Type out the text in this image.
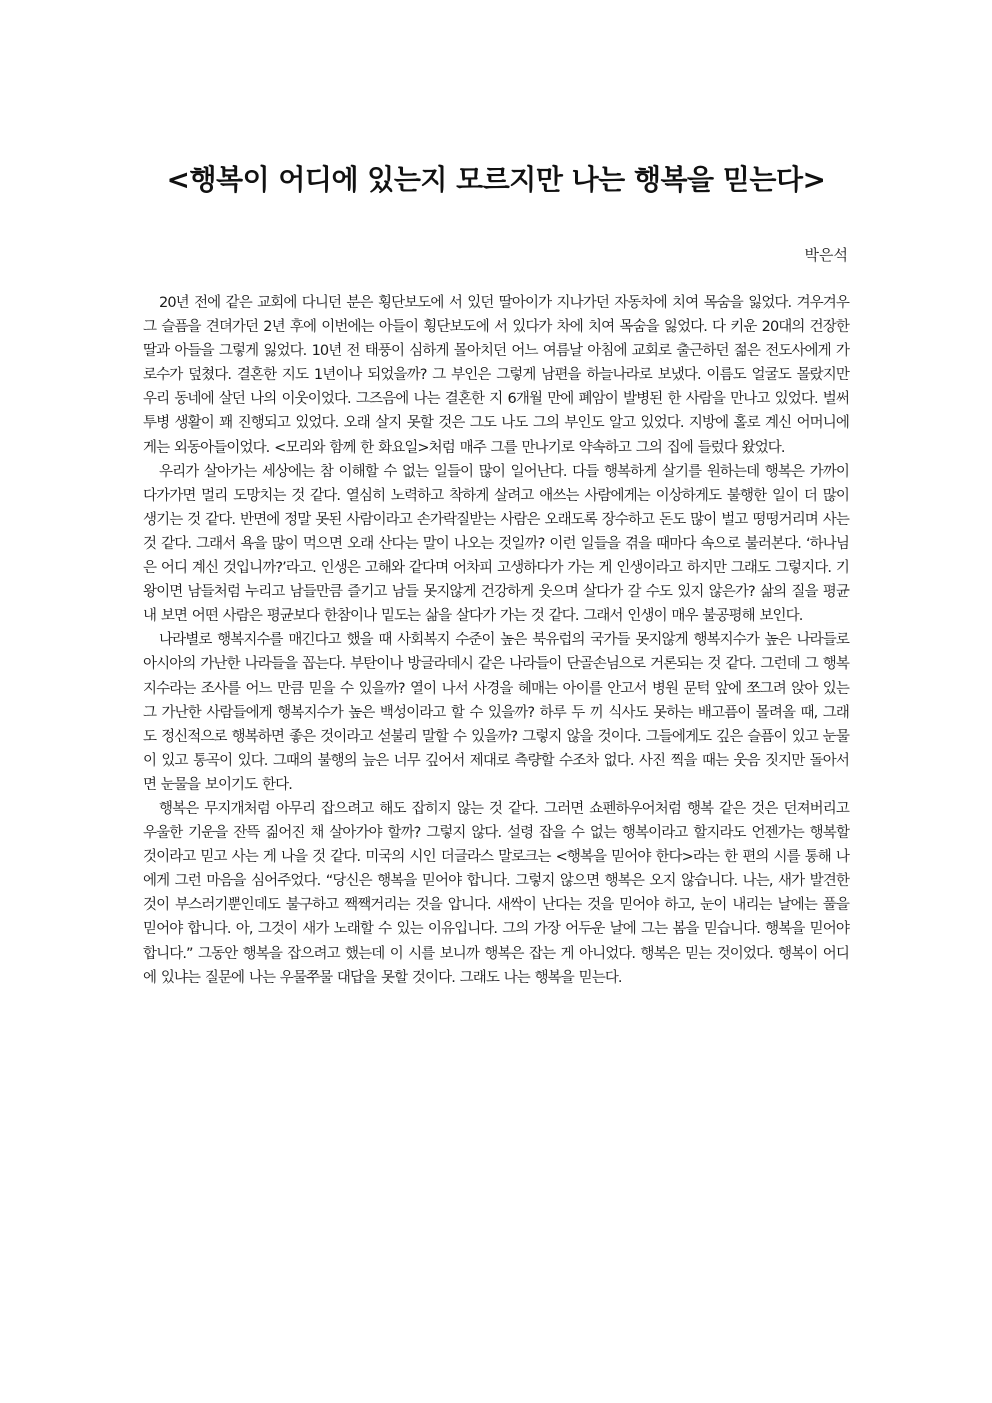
<행복이 어디에 있는지 모르지만 나는 행복을 믿는다>
박은석

20년 전에 같은 교회에 다니던 분은 횡단보도에 서 있던 딸아이가 지나가던 자동차에 치여 목숨을 잃었다. 겨우겨우 그 슬픔을 견뎌가던 2년 후에 이번에는 아들이 횡단보도에 서 있다가 차에 치여 목숨을 잃었다. 다 키운 20대의 건장한 딸과 아들을 그렇게 잃었다. 10년 전 태풍이 심하게 몰아치던 어느 여름날 아침에 교회로 출근하던 젊은 전도사에게 가로수가 덮쳤다. 결혼한 지도 1년이나 되었을까? 그 부인은 그렇게 남편을 하늘나라로 보냈다. 이름도 얼굴도 몰랐지만 우리 동네에 살던 나의 이웃이었다. 그즈음에 나는 결혼한 지 6개월 만에 폐암이 발병된 한 사람을 만나고 있었다. 벌써 투병 생활이 꽤 진행되고 있었다. 오래 살지 못할 것은 그도 나도 그의 부인도 알고 있었다. 지방에 홀로 계신 어머니에게는 외동아들이었다. <모리와 함께 한 화요일>처럼 매주 그를 만나기로 약속하고 그의 집에 들렀다 왔었다.

우리가 살아가는 세상에는 참 이해할 수 없는 일들이 많이 일어난다. 다들 행복하게 살기를 원하는데 행복은 가까이 다가가면 멀리 도망치는 것 같다. 열심히 노력하고 착하게 살려고 애쓰는 사람에게는 이상하게도 불행한 일이 더 많이 생기는 것 같다. 반면에 정말 못된 사람이라고 손가락질받는 사람은 오래도록 장수하고 돈도 많이 벌고 떵떵거리며 사는 것 같다. 그래서 욕을 많이 먹으면 오래 산다는 말이 나오는 것일까? 이런 일들을 겪을 때마다 속으로 불러본다. ‘하나님은 어디 계신 것입니까?’라고. 인생은 고해와 같다며 어차피 고생하다가 가는 게 인생이라고 하지만 그래도 그렇지다. 기왕이면 남들처럼 누리고 남들만큼 즐기고 남들 못지않게 건강하게 웃으며 살다가 갈 수도 있지 않은가? 삶의 질을 평균 내 보면 어떤 사람은 평균보다 한참이나 밑도는 삶을 살다가 가는 것 같다. 그래서 인생이 매우 불공평해 보인다.

나라별로 행복지수를 매긴다고 했을 때 사회복지 수준이 높은 북유럽의 국가들 못지않게 행복지수가 높은 나라들로 아시아의 가난한 나라들을 꼽는다. 부탄이나 방글라데시 같은 나라들이 단골손님으로 거론되는 것 같다. 그런데 그 행복지수라는 조사를 어느 만큼 믿을 수 있을까? 열이 나서 사경을 헤매는 아이를 안고서 병원 문턱 앞에 쪼그려 앉아 있는 그 가난한 사람들에게 행복지수가 높은 백성이라고 할 수 있을까? 하루 두 끼 식사도 못하는 배고픔이 몰려올 때, 그래도 정신적으로 행복하면 좋은 것이라고 섣불리 말할 수 있을까? 그렇지 않을 것이다. 그들에게도 깊은 슬픔이 있고 눈물이 있고 통곡이 있다. 그때의 불행의 늪은 너무 깊어서 제대로 측량할 수조차 없다. 사진 찍을 때는 웃음 짓지만 돌아서면 눈물을 보이기도 한다.

행복은 무지개처럼 아무리 잡으려고 해도 잡히지 않는 것 같다. 그러면 쇼펜하우어처럼 행복 같은 것은 던져버리고 우울한 기운을 잔뜩 짊어진 채 살아가야 할까? 그렇지 않다. 설령 잡을 수 없는 행복이라고 할지라도 언젠가는 행복할 것이라고 믿고 사는 게 나을 것 같다. 미국의 시인 더글라스 말로크는 <행복을 믿어야 한다>라는 한 편의 시를 통해 나에게 그런 마음을 심어주었다. “당신은 행복을 믿어야 합니다. 그렇지 않으면 행복은 오지 않습니다. 나는, 새가 발견한 것이 부스러기뿐인데도 불구하고 짹짹거리는 것을 압니다. 새싹이 난다는 것을 믿어야 하고, 눈이 내리는 날에는 풀을 믿어야 합니다. 아, 그것이 새가 노래할 수 있는 이유입니다. 그의 가장 어두운 날에 그는 봄을 믿습니다. 행복을 믿어야 합니다.” 그동안 행복을 잡으려고 했는데 이 시를 보니까 행복은 잡는 게 아니었다. 행복은 믿는 것이었다. 행복이 어디에 있냐는 질문에 나는 우물쭈물 대답을 못할 것이다. 그래도 나는 행복을 믿는다.
